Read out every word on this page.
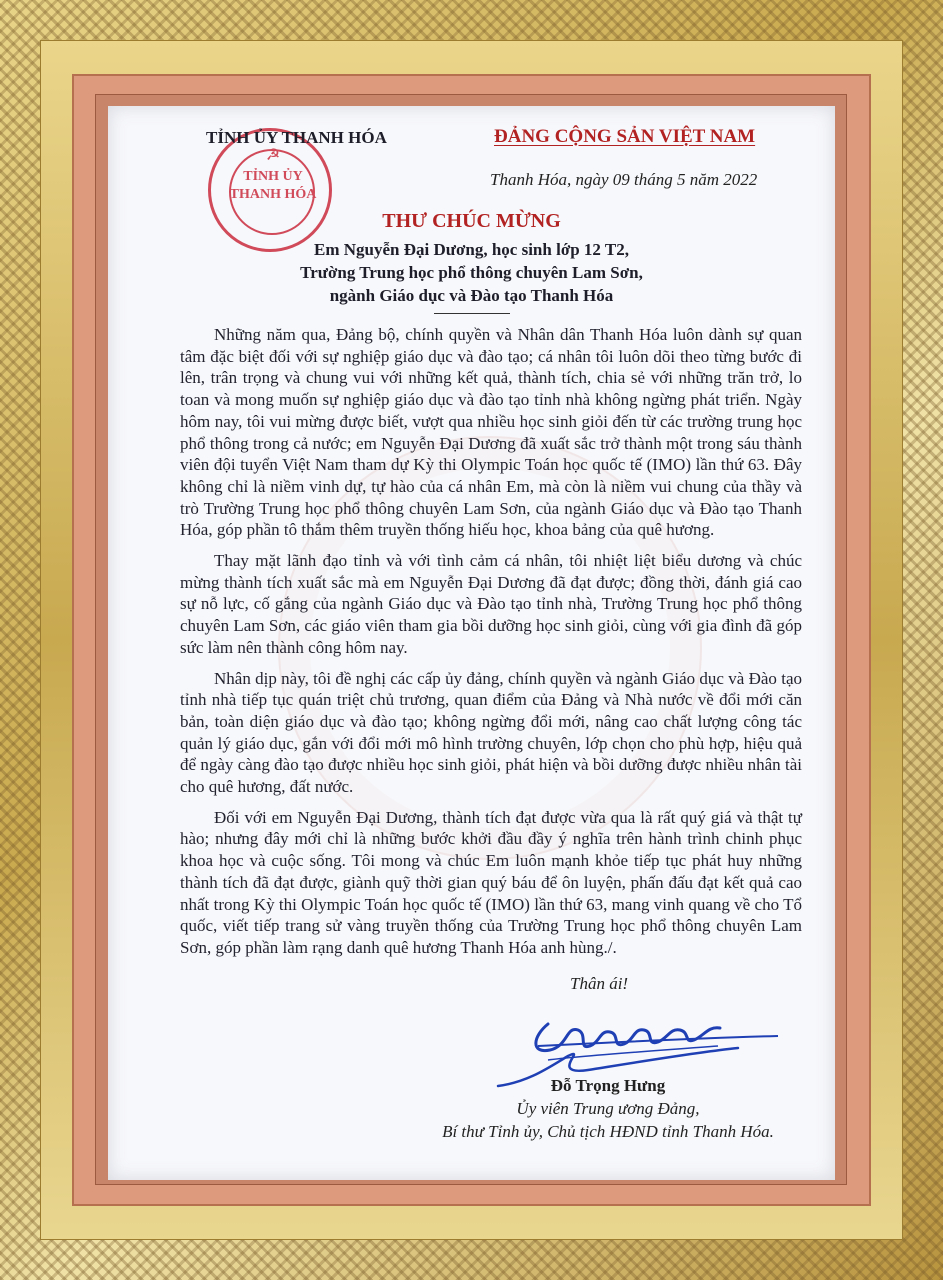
☭
TỈNH ỦY
THANH HÓA
TỈNH ỦY THANH HÓA	ĐẢNG CỘNG SẢN VIỆT NAM
Thanh Hóa, ngày 09 tháng 5 năm 2022
THƯ CHÚC MỪNG
Em Nguyễn Đại Dương, học sinh lớp 12 T2,
Trường Trung học phổ thông chuyên Lam Sơn,
ngành Giáo dục và Đào tạo Thanh Hóa

Những năm qua, Đảng bộ, chính quyền và Nhân dân Thanh Hóa luôn dành sự quan tâm đặc biệt đối với sự nghiệp giáo dục và đào tạo; cá nhân tôi luôn dõi theo từng bước đi lên, trân trọng và chung vui với những kết quả, thành tích, chia sẻ với những trăn trở, lo toan và mong muốn sự nghiệp giáo dục và đào tạo tỉnh nhà không ngừng phát triển. Ngày hôm nay, tôi vui mừng được biết, vượt qua nhiều học sinh giỏi đến từ các trường trung học phổ thông trong cả nước; em Nguyễn Đại Dương đã xuất sắc trở thành một trong sáu thành viên đội tuyển Việt Nam tham dự Kỳ thi Olympic Toán học quốc tế (IMO) lần thứ 63. Đây không chỉ là niềm vinh dự, tự hào của cá nhân Em, mà còn là niềm vui chung của thầy và trò Trường Trung học phổ thông chuyên Lam Sơn, của ngành Giáo dục và Đào tạo Thanh Hóa, góp phần tô thắm thêm truyền thống hiếu học, khoa bảng của quê hương.

Thay mặt lãnh đạo tỉnh và với tình cảm cá nhân, tôi nhiệt liệt biểu dương và chúc mừng thành tích xuất sắc mà em Nguyễn Đại Dương đã đạt được; đồng thời, đánh giá cao sự nỗ lực, cố gắng của ngành Giáo dục và Đào tạo tỉnh nhà, Trường Trung học phổ thông chuyên Lam Sơn, các giáo viên tham gia bồi dưỡng học sinh giỏi, cùng với gia đình đã góp sức làm nên thành công hôm nay.

Nhân dịp này, tôi đề nghị các cấp ủy đảng, chính quyền và ngành Giáo dục và Đào tạo tỉnh nhà tiếp tục quán triệt chủ trương, quan điểm của Đảng và Nhà nước về đổi mới căn bản, toàn diện giáo dục và đào tạo; không ngừng đổi mới, nâng cao chất lượng công tác quản lý giáo dục, gắn với đổi mới mô hình trường chuyên, lớp chọn cho phù hợp, hiệu quả để ngày càng đào tạo được nhiều học sinh giỏi, phát hiện và bồi dưỡng được nhiều nhân tài cho quê hương, đất nước.

Đối với em Nguyễn Đại Dương, thành tích đạt được vừa qua là rất quý giá và thật tự hào; nhưng đây mới chỉ là những bước khởi đầu đầy ý nghĩa trên hành trình chinh phục khoa học và cuộc sống. Tôi mong và chúc Em luôn mạnh khỏe tiếp tục phát huy những thành tích đã đạt được, giành quỹ thời gian quý báu để ôn luyện, phấn đấu đạt kết quả cao nhất trong Kỳ thi Olympic Toán học quốc tế (IMO) lần thứ 63, mang vinh quang về cho Tổ quốc, viết tiếp trang sử vàng truyền thống của Trường Trung học phổ thông chuyên Lam Sơn, góp phần làm rạng danh quê hương Thanh Hóa anh hùng./.

Thân ái!
Đỗ Trọng Hưng
Ủy viên Trung ương Đảng,
Bí thư Tỉnh ủy, Chủ tịch HĐND tỉnh Thanh Hóa.
